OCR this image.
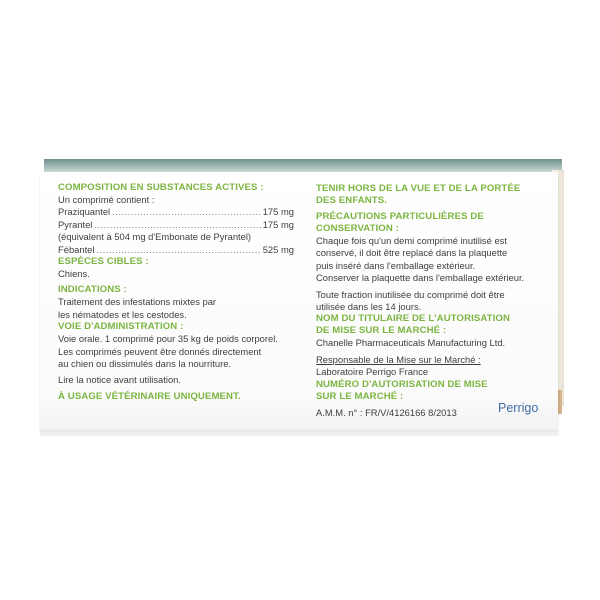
COMPOSITION EN SUBSTANCES ACTIVES :
Un comprimé contient :
Praziquantel .....	175 mg
Pyrantel .....	175 mg
(équivalent à 504 mg d'Embonate de Pyrantel)
Fébantel .....	525 mg
ESPÈCES CIBLES :
Chiens.
INDICATIONS :
Traitement des infestations mixtes par
les nématodes et les cestodes.
VOIE D'ADMINISTRATION :
Voie orale. 1 comprimé pour 35 kg de poids corporel.
Les comprimés peuvent être donnés directement
au chien ou dissimulés dans la nourriture.
Lire la notice avant utilisation.
À USAGE VÉTÉRINAIRE UNIQUEMENT.
TENIR HORS DE LA VUE ET DE LA PORTÉE
DES ENFANTS.
PRÉCAUTIONS PARTICULIÈRES DE CONSERVATION :
Chaque fois qu'un demi comprimé inutilisé est
conservé, il doit être replacé dans la plaquette
puis inséré dans l'emballage extérieur.
Conserver la plaquette dans l'emballage extérieur.
Toute fraction inutilisée du comprimé doit être
utilisée dans les 14 jours.
NOM DU TITULAIRE DE L'AUTORISATION
DE MISE SUR LE MARCHÉ :
Chanelle Pharmaceuticals Manufacturing Ltd.
Responsable de la Mise sur le Marché :
Laboratoire Perrigo France
NUMÉRO D'AUTORISATION DE MISE
SUR LE MARCHÉ :
A.M.M. n° : FR/V/4126166 8/2013	Perrigo
